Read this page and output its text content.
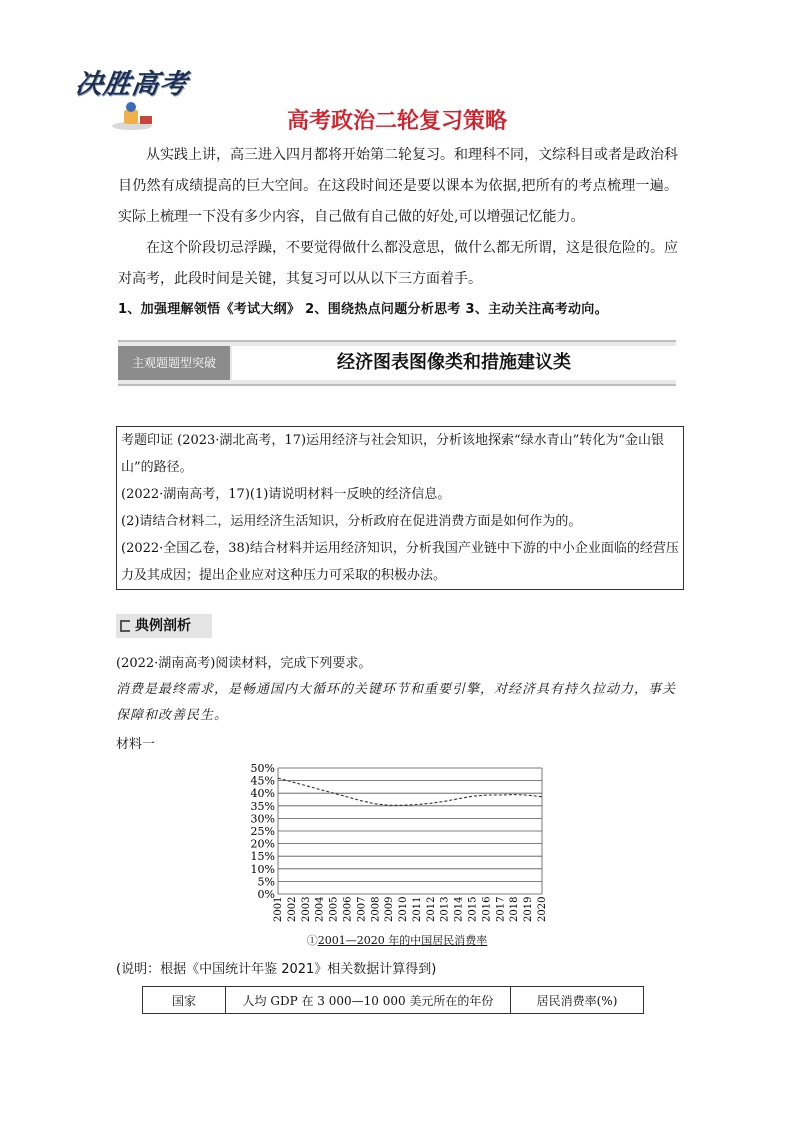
决胜高考
高考政治二轮复习策略
从实践上讲，高三进入四月都将开始第二轮复习。和理科不同，文综科目或者是政治科目仍然有成绩提高的巨大空间。在这段时间还是要以课本为依据,把所有的考点梳理一遍。实际上梳理一下没有多少内容，自己做有自己做的好处,可以增强记忆能力。
在这个阶段切忌浮躁，不要觉得做什么都没意思，做什么都无所谓，这是很危险的。应对高考，此段时间是关键，其复习可以从以下三方面着手。
1、加强理解领悟《考试大纲》 2、围绕热点问题分析思考 3、主动关注高考动向。
主观题题型突破	经济图表图像类和措施建议类

考题印证 (2023·湖北高考，17)运用经济与社会知识，分析该地探索“绿水青山”转化为“金山银山”的路径。

(2022·湖南高考，17)(1)请说明材料一反映的经济信息。

(2)请结合材料二，运用经济生活知识，分析政府在促进消费方面是如何作为的。

(2022·全国乙卷，38)结合材料并运用经济知识，分析我国产业链中下游的中小企业面临的经营压力及其成因；提出企业应对这种压力可采取的积极办法。

典例剖析
(2022·湖南高考)阅读材料，完成下列要求。
消费是最终需求，是畅通国内大循环的关键环节和重要引擎，对经济具有持久拉动力，事关保障和改善民生。
材料一
0%
5%
10%
15%
20%
25%
30%
35%
40%
45%
50%
2001 2002 2003 2004 2005 2006 2007 2008 2009 2010 2011 2012 2013 2014 2015 2016 2017 2018 2019 2020
①2001—2020 年的中国居民消费率
(说明：根据《中国统计年鉴 2021》相关数据计算得到)
国家	人均 GDP 在 3 000—10 000 美元所在的年份	居民消费率(%)
